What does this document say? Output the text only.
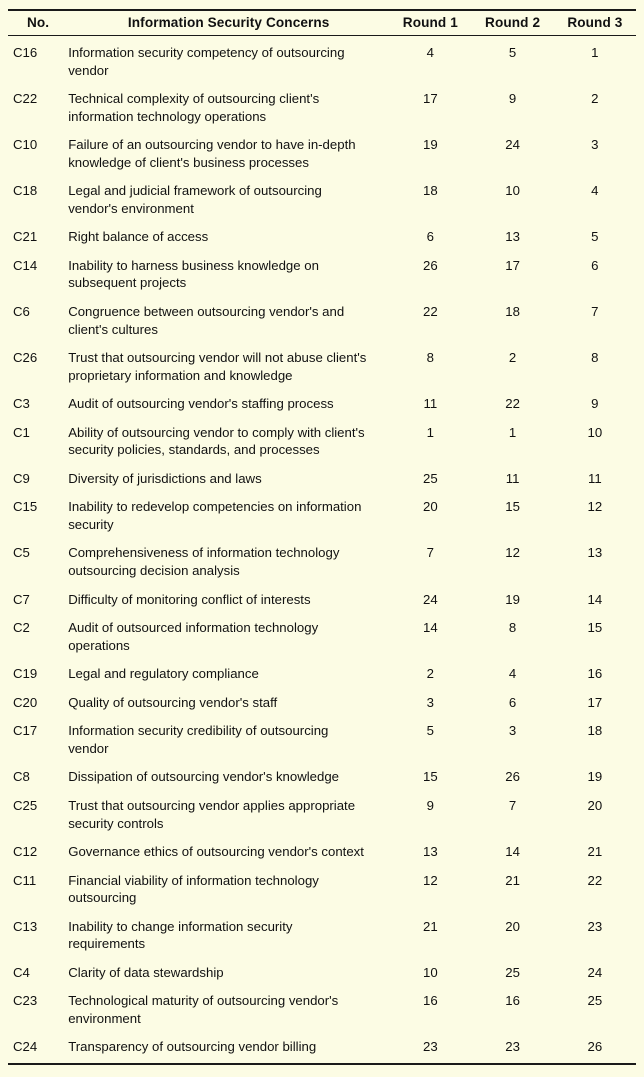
No.	Information Security Concerns	Round 1	Round 2	Round 3
C16	Information security competency of outsourcing vendor	4	5	1
C22	Technical complexity of outsourcing client's information technology operations	17	9	2
C10	Failure of an outsourcing vendor to have in-depth knowledge of client's business processes	19	24	3
C18	Legal and judicial framework of outsourcing vendor's environment	18	10	4
C21	Right balance of access	6	13	5
C14	Inability to harness business knowledge on subsequent projects	26	17	6
C6	Congruence between outsourcing vendor's and client's cultures	22	18	7
C26	Trust that outsourcing vendor will not abuse client's proprietary information and knowledge	8	2	8
C3	Audit of outsourcing vendor's staffing process	11	22	9
C1	Ability of outsourcing vendor to comply with client's security policies, standards, and processes	1	1	10
C9	Diversity of jurisdictions and laws	25	11	11
C15	Inability to redevelop competencies on information security	20	15	12
C5	Comprehensiveness of information technology outsourcing decision analysis	7	12	13
C7	Difficulty of monitoring conflict of interests	24	19	14
C2	Audit of outsourced information technology operations	14	8	15
C19	Legal and regulatory compliance	2	4	16
C20	Quality of outsourcing vendor's staff	3	6	17
C17	Information security credibility of outsourcing vendor	5	3	18
C8	Dissipation of outsourcing vendor's knowledge	15	26	19
C25	Trust that outsourcing vendor applies appropriate security controls	9	7	20
C12	Governance ethics of outsourcing vendor's context	13	14	21
C11	Financial viability of information technology outsourcing	12	21	22
C13	Inability to change information security requirements	21	20	23
C4	Clarity of data stewardship	10	25	24
C23	Technological maturity of outsourcing vendor's environment	16	16	25
C24	Transparency of outsourcing vendor billing	23	23	26
